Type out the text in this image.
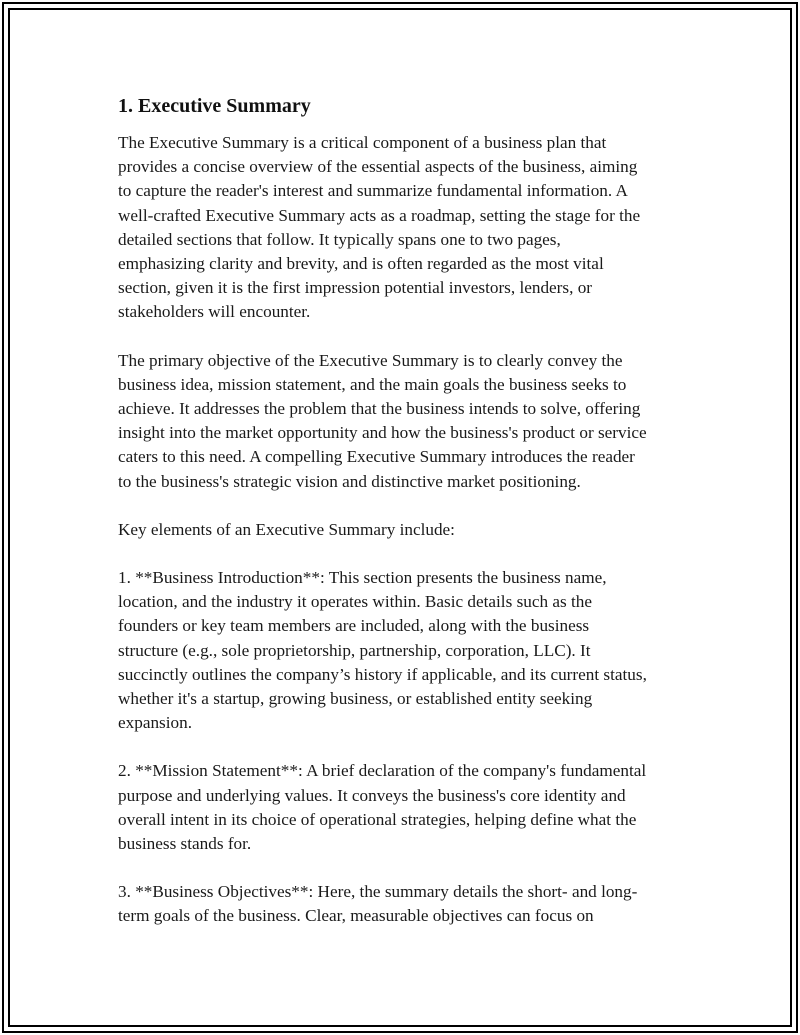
1. Executive Summary

The Executive Summary is a critical component of a business plan that
provides a concise overview of the essential aspects of the business, aiming
to capture the reader's interest and summarize fundamental information. A
well-crafted Executive Summary acts as a roadmap, setting the stage for the
detailed sections that follow. It typically spans one to two pages,
emphasizing clarity and brevity, and is often regarded as the most vital
section, given it is the first impression potential investors, lenders, or
stakeholders will encounter.

The primary objective of the Executive Summary is to clearly convey the
business idea, mission statement, and the main goals the business seeks to
achieve. It addresses the problem that the business intends to solve, offering
insight into the market opportunity and how the business's product or service
caters to this need. A compelling Executive Summary introduces the reader
to the business's strategic vision and distinctive market positioning.

Key elements of an Executive Summary include:

1. **Business Introduction**: This section presents the business name,
location, and the industry it operates within. Basic details such as the
founders or key team members are included, along with the business
structure (e.g., sole proprietorship, partnership, corporation, LLC). It
succinctly outlines the company’s history if applicable, and its current status,
whether it's a startup, growing business, or established entity seeking
expansion.

2. **Mission Statement**: A brief declaration of the company's fundamental
purpose and underlying values. It conveys the business's core identity and
overall intent in its choice of operational strategies, helping define what the
business stands for.

3. **Business Objectives**: Here, the summary details the short- and long-
term goals of the business. Clear, measurable objectives can focus on
